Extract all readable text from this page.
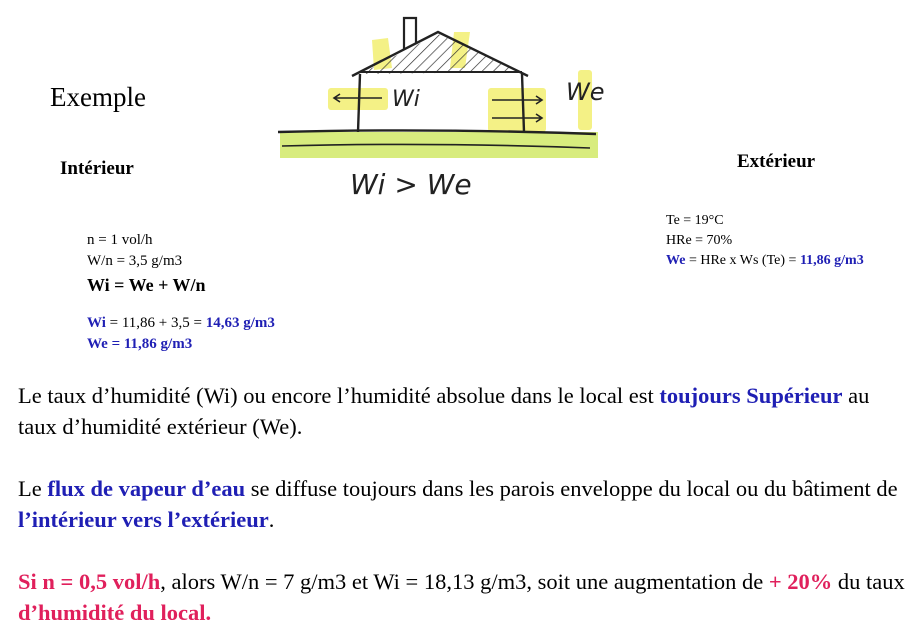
Exemple	Wi	We
Wi > We
Intérieur	Extérieur
n = 1 vol/h
W/n = 3,5 g/m3
Wi = We + W/n
Wi = 11,86 + 3,5 = 14,63 g/m3
We = 11,86 g/m3
Te = 19°C
HRe = 70%
We = HRe x Ws (Te) = 11,86 g/m3

Le taux d’humidité (Wi) ou encore l’humidité absolue dans le local est toujours Supérieur au taux d’humidité extérieur (We).

Le flux de vapeur d’eau se diffuse toujours dans les parois enveloppe du local ou du bâtiment de l’intérieur vers l’extérieur.

Si n = 0,5 vol/h, alors W/n = 7 g/m3 et Wi = 18,13 g/m3, soit une augmentation de + 20% du taux d’humidité du local.
